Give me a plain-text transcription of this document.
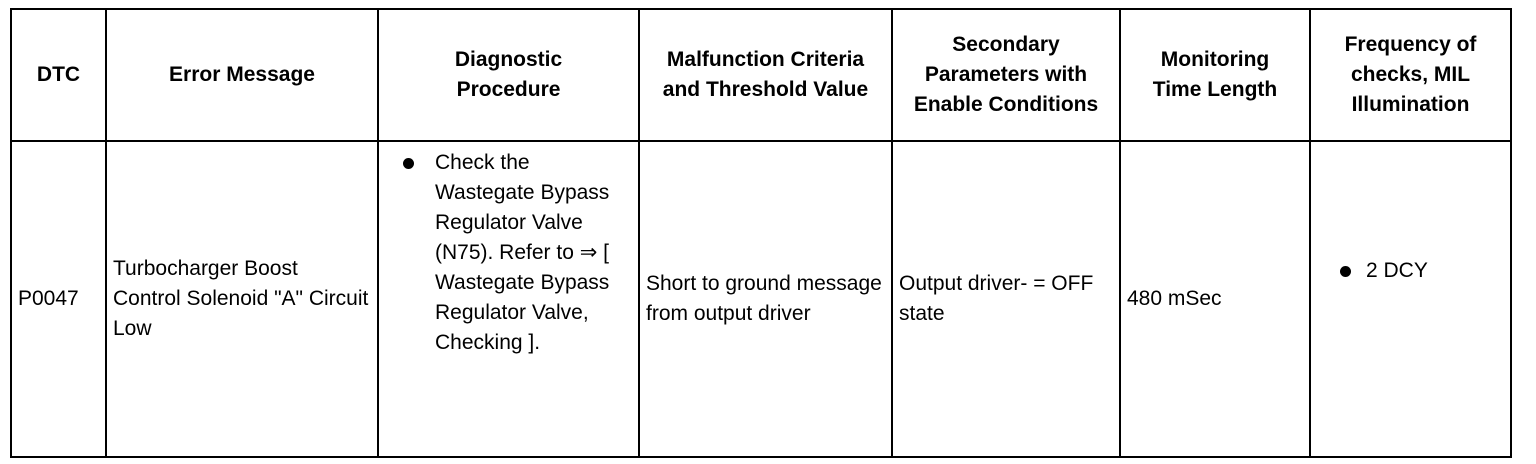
DTC	Error Message	Diagnostic Procedure	Malfunction Criteria and Threshold Value	Secondary Parameters with Enable Conditions	Monitoring Time Length	Frequency of checks, MIL Illumination

P0047	Turbocharger Boost Control Solenoid "A" Circuit Low	Check the Wastegate Bypass Regulator Valve (N75). Refer to ⇒ [ Wastegate Bypass Regulator Valve, Checking ].	Short to ground message from output driver	Output driver- = OFF state	480 mSec	2 DCY
